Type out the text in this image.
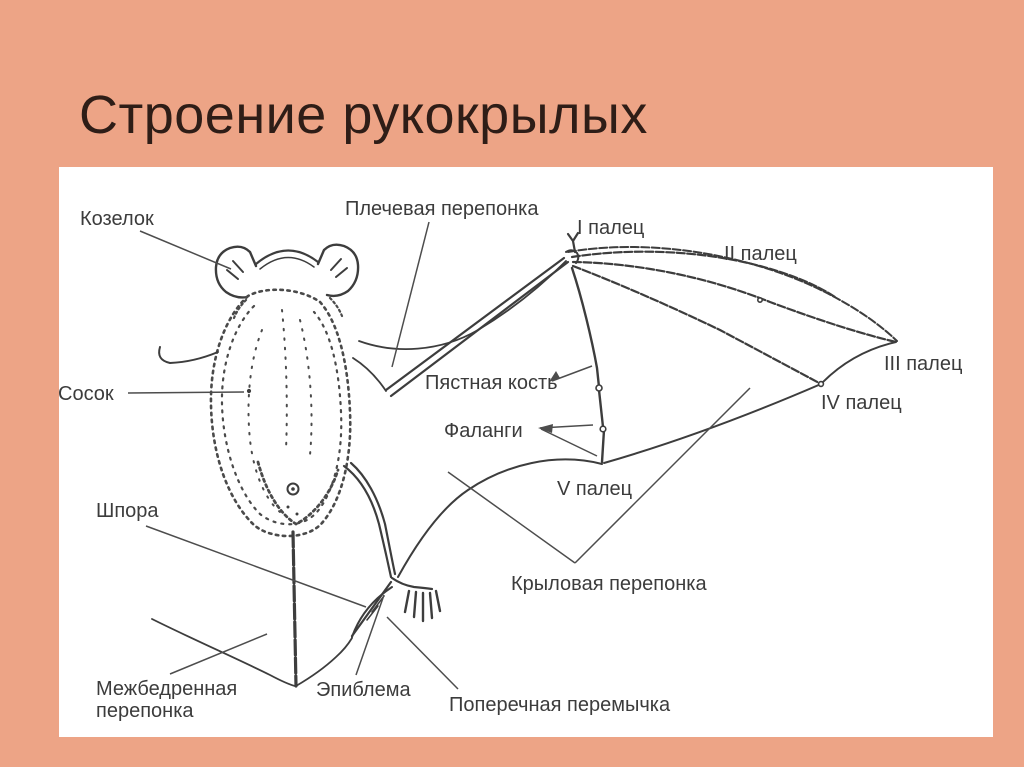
Строение рукокрылых
Козелок	Плечевая перепонка
I палец
II палец
III палец
IV палец
Пястная кость
Фаланги
V палец
Сосок
Шпора
Крыловая перепонка
Межбедренная
перепонка
Эпиблема
Поперечная перемычка
